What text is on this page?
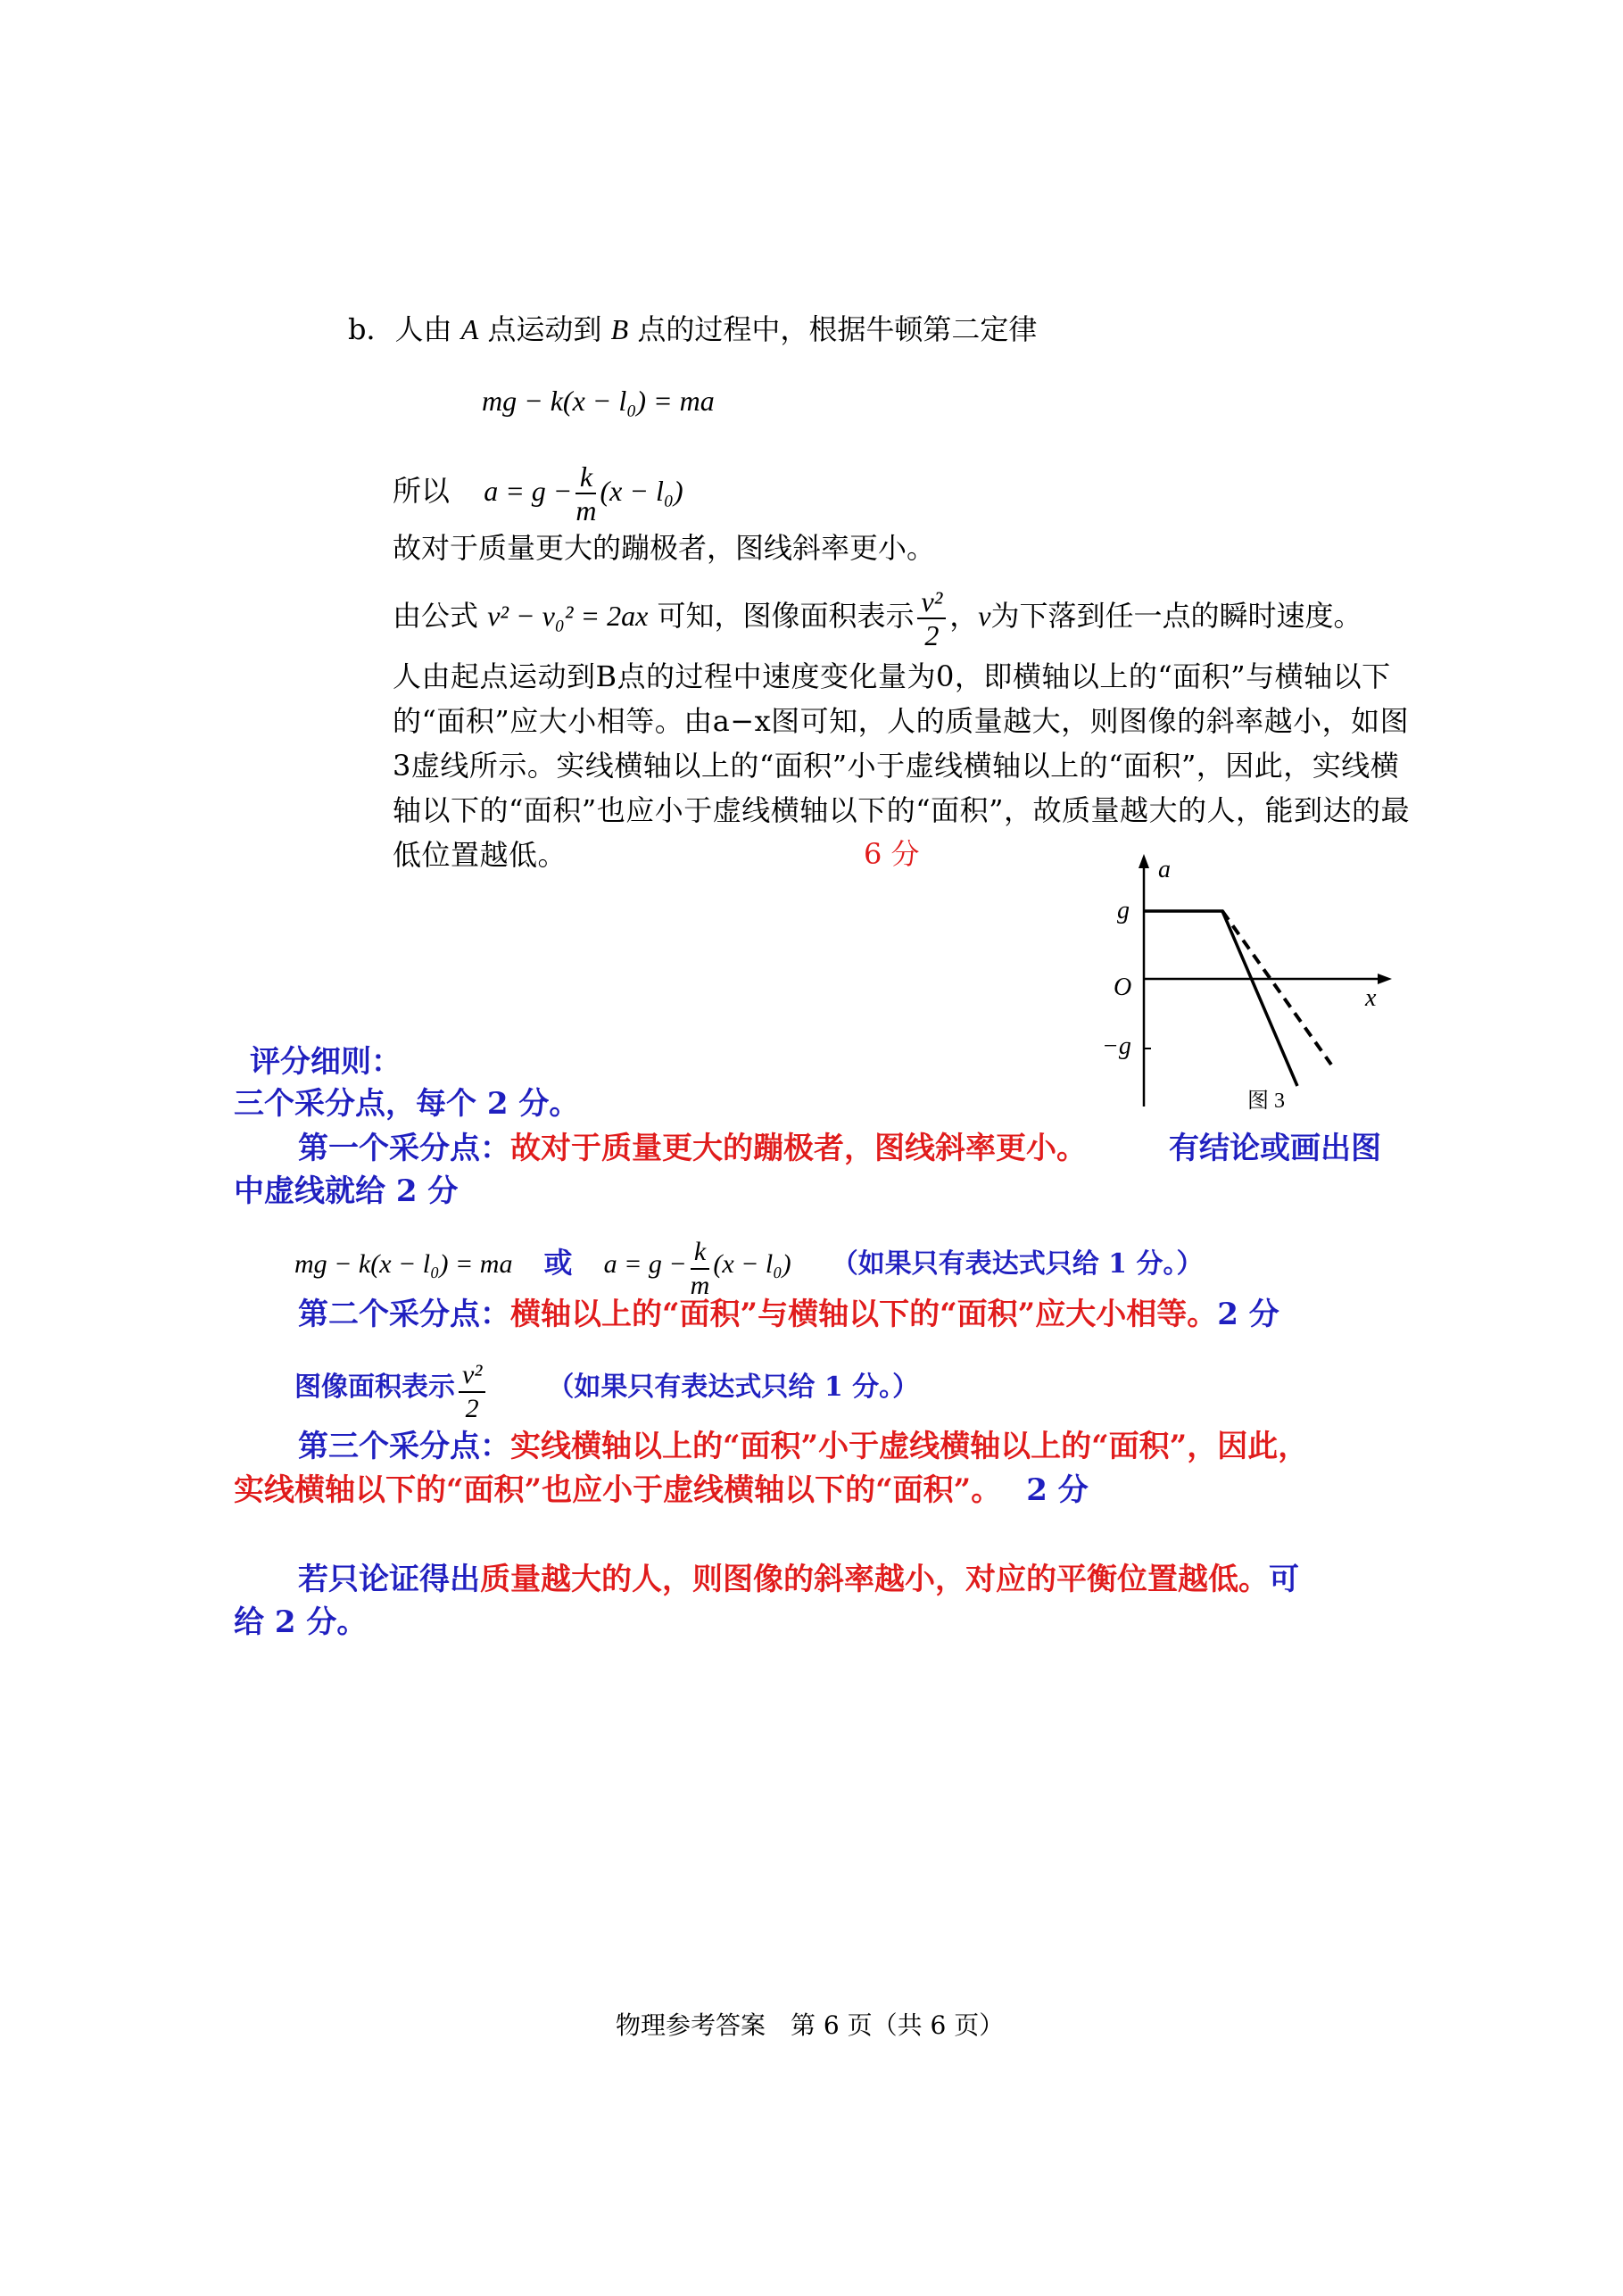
b．人由 A 点运动到 B 点的过程中，根据牛顿第二定律
mg − k(x − l₀) = ma
所以 $a = g - \frac{k}{m} (x - l_0)$
故对于质量更大的蹦极者，图线斜率更小。
由公式 v² − v₀² = 2ax 可知，图像面积表示 $\frac{\text{v²}}{2}$ ，v为下落到任一点的瞬时速度。
人由起点运动到B点的过程中速度变化量为0，即横轴以上的“面积”与横轴以下的“面积”应大小相等。由a−x图可知，人的质量越大，则图像的斜率越小，如图3虚线所示。实线横轴以上的“面积”小于虚线横轴以上的“面积”，因此，实线横轴以下的“面积”也应小于虚线横轴以下的“面积”，故质量越大的人，能到达的最低位置越低。	6 分	a
x
g
O
−g
图 3
评分细则：
三个采分点，每个 2 分。
第一个采分点：故对于质量更大的蹦极者，图线斜率更小。	有结论或画出图
中虚线就给 2 分
mg − k(x − l₀) = ma 或 $a = g - \frac{k}{m} (x - l_0)$ （如果只有表达式只给 1 分。）
第二个采分点：横轴以上的“面积”与横轴以下的“面积”应大小相等。2 分
图像面积表示 $\frac{\text{v²}}{2}$ （如果只有表达式只给 1 分。）
第三个采分点：实线横轴以上的“面积”小于虚线横轴以上的“面积”，因此，
实线横轴以下的“面积”也应小于虚线横轴以下的“面积”。 2 分
若只论证得出质量越大的人，则图像的斜率越小，对应的平衡位置越低。可
给 2 分。
物理参考答案　第 6 页（共 6 页）
